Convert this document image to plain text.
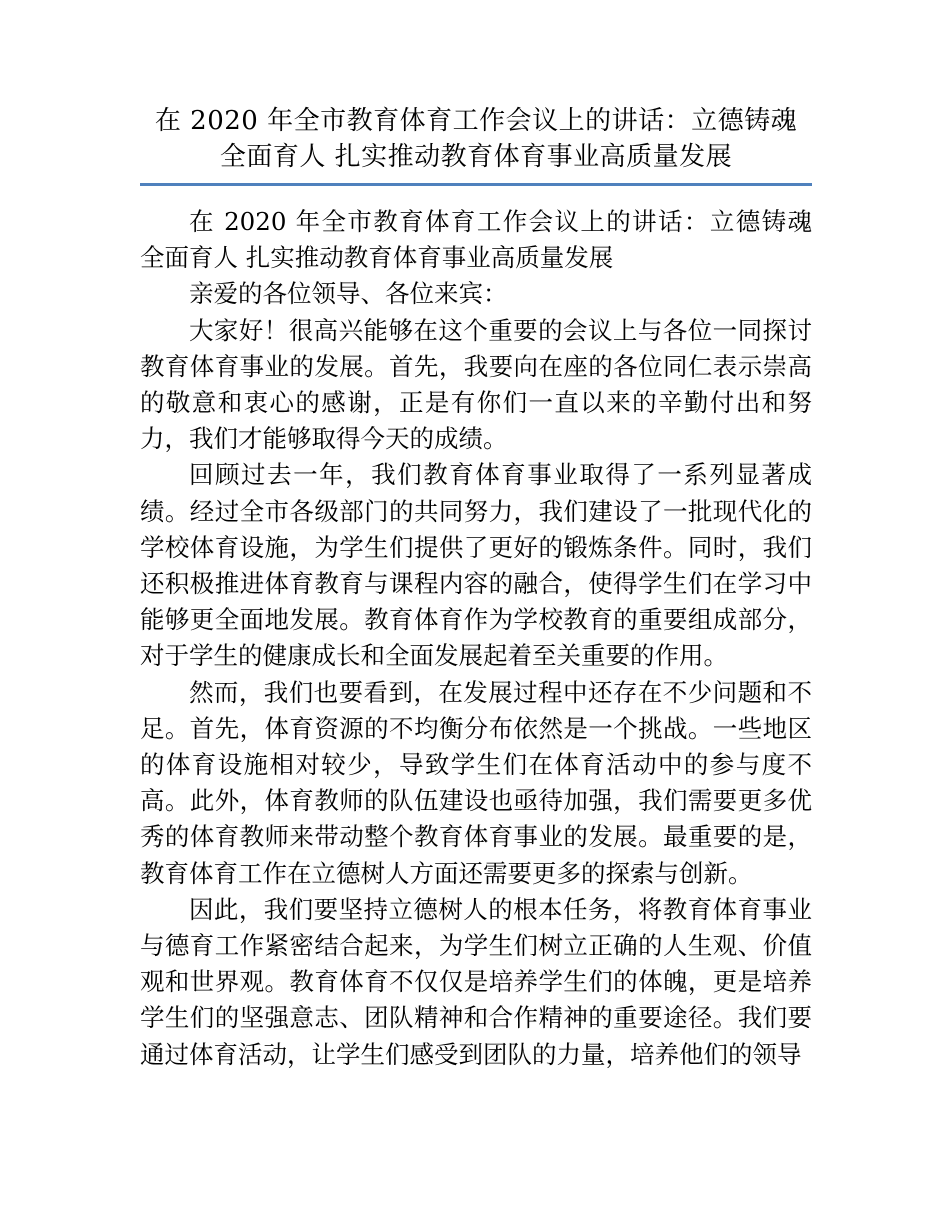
在 2020 年全市教育体育工作会议上的讲话：立德铸魂
全面育人 扎实推动教育体育事业高质量发展

在 2020 年全市教育体育工作会议上的讲话：立德铸魂 全面育人 扎实推动教育体育事业高质量发展

亲爱的各位领导、各位来宾：

大家好！很高兴能够在这个重要的会议上与各位一同探讨教育体育事业的发展。首先，我要向在座的各位同仁表示崇高的敬意和衷心的感谢，正是有你们一直以来的辛勤付出和努力，我们才能够取得今天的成绩。

回顾过去一年，我们教育体育事业取得了一系列显著成绩。经过全市各级部门的共同努力，我们建设了一批现代化的学校体育设施，为学生们提供了更好的锻炼条件。同时，我们还积极推进体育教育与课程内容的融合，使得学生们在学习中能够更全面地发展。教育体育作为学校教育的重要组成部分，对于学生的健康成长和全面发展起着至关重要的作用。

然而，我们也要看到，在发展过程中还存在不少问题和不足。首先，体育资源的不均衡分布依然是一个挑战。一些地区的体育设施相对较少，导致学生们在体育活动中的参与度不高。此外，体育教师的队伍建设也亟待加强，我们需要更多优秀的体育教师来带动整个教育体育事业的发展。最重要的是，教育体育工作在立德树人方面还需要更多的探索与创新。

因此，我们要坚持立德树人的根本任务，将教育体育事业与德育工作紧密结合起来，为学生们树立正确的人生观、价值观和世界观。教育体育不仅仅是培养学生们的体魄，更是培养学生们的坚强意志、团队精神和合作精神的重要途径。我们要通过体育活动，让学生们感受到团队的力量，培养他们的领导
